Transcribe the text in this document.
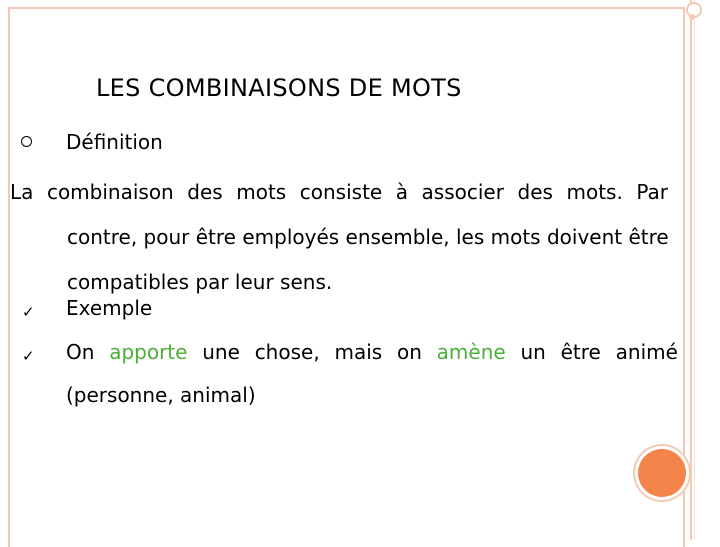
LES COMBINAISONS DE MOTS
Définition
La combinaison des mots consiste à associer des mots. Par
contre, pour être employés ensemble, les mots doivent être
compatibles par leur sens.
✓ Exemple
✓ On apporte une chose, mais on amène un être animé
(personne, animal)
